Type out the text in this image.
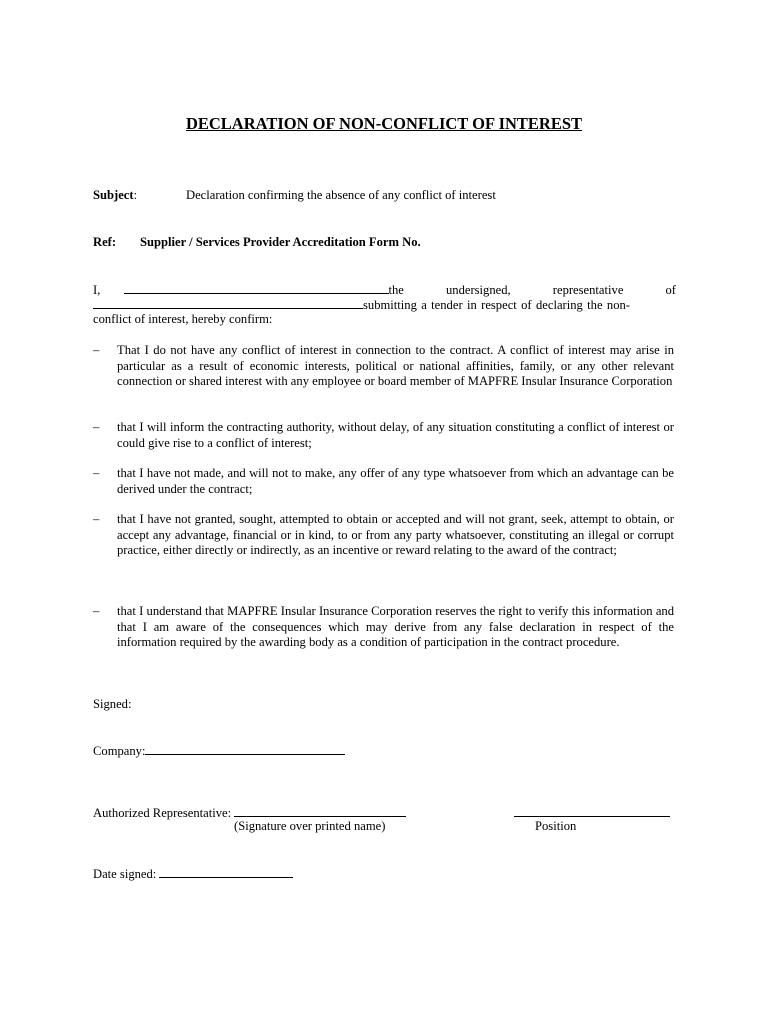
DECLARATION OF NON-CONFLICT OF INTEREST
Subject:	Declaration confirming the absence of any conflict of interest
Ref: Supplier / Services Provider Accreditation Form No.
I,	the	undersigned,	representative	of
submitting a tender in respect of declaring the non-
conflict of interest, hereby confirm:
– That I do not have any conflict of interest in connection to the contract. A conflict of interest may arise in particular as a result of economic interests, political or national affinities, family, or any other relevant connection or shared interest with any employee or board member of MAPFRE Insular Insurance Corporation
– that I will inform the contracting authority, without delay, of any situation constituting a conflict of interest or could give rise to a conflict of interest;
– that I have not made, and will not to make, any offer of any type whatsoever from which an advantage can be derived under the contract;
– that I have not granted, sought, attempted to obtain or accepted and will not grant, seek, attempt to obtain, or accept any advantage, financial or in kind, to or from any party whatsoever, constituting an illegal or corrupt practice, either directly or indirectly, as an incentive or reward relating to the award of the contract;
– that I understand that MAPFRE Insular Insurance Corporation reserves the right to verify this information and that I am aware of the consequences which may derive from any false declaration in respect of the information required by the awarding body as a condition of participation in the contract procedure.
Signed:
Company:
Authorized Representative:
(Signature over printed name)	Position
Date signed:
